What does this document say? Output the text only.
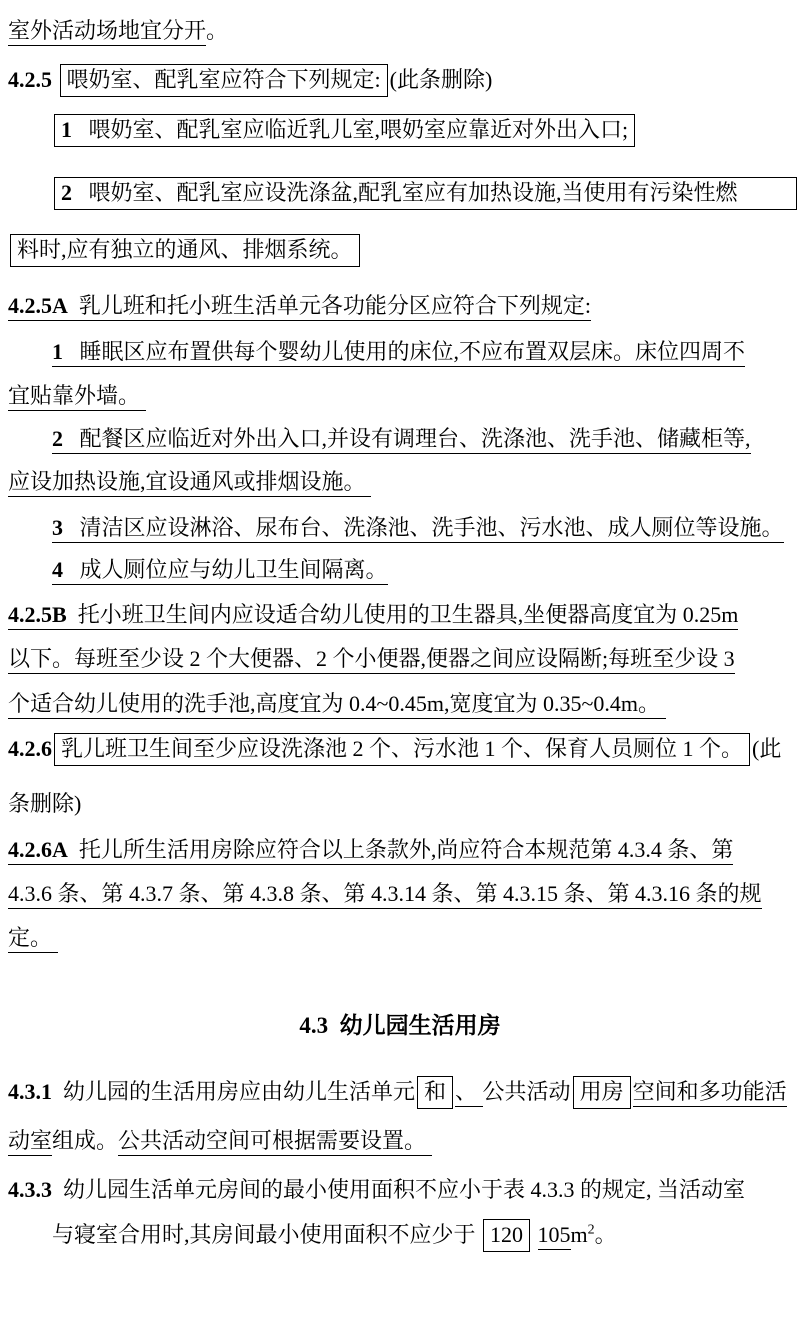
室外活动场地宜分开。
4.2.5 喂奶室、配乳室应符合下列规定: (此条删除)
1   喂奶室、配乳室应临近乳儿室,喂奶室应靠近对外出入口;
2   喂奶室、配乳室应设洗涤盆,配乳室应有加热设施,当使用有污染性燃
料时,应有独立的通风、排烟系统。
4.2.5A  乳儿班和托小班生活单元各功能分区应符合下列规定:
1   睡眠区应布置供每个婴幼儿使用的床位,不应布置双层床。床位四周不
宜贴靠外墙。
2   配餐区应临近对外出入口,并设有调理台、洗涤池、洗手池、储藏柜等,
应设加热设施,宜设通风或排烟设施。
3   清洁区应设淋浴、尿布台、洗涤池、洗手池、污水池、成人厕位等设施。
4   成人厕位应与幼儿卫生间隔离。
4.2.5B  托小班卫生间内应设适合幼儿使用的卫生器具,坐便器高度宜为 0.25m
以下。每班至少设 2 个大便器、2 个小便器,便器之间应设隔断;每班至少设 3
个适合幼儿使用的洗手池,高度宜为 0.4~0.45m,宽度宜为 0.35~0.4m。
4.2.6 乳儿班卫生间至少应设洗涤池 2 个、污水池 1 个、保育人员厕位 1 个。 (此
条删除)
4.2.6A  托儿所生活用房除应符合以上条款外,尚应符合本规范第 4.3.4 条、第
4.3.6 条、第 4.3.7 条、第 4.3.8 条、第 4.3.14 条、第 4.3.15 条、第 4.3.16 条的规
定。
4.3  幼儿园生活用房
4.3.1  幼儿园的生活用房应由幼儿生活单元 和 、 公共活动 用房 空间和多功能活
动室组成。公共活动空间可根据需要设置。
4.3.3  幼儿园生活单元房间的最小使用面积不应小于表 4.3.3 的规定, 当活动室
与寝室合用时,其房间最小使用面积不应少于 120 $105m^2$。
